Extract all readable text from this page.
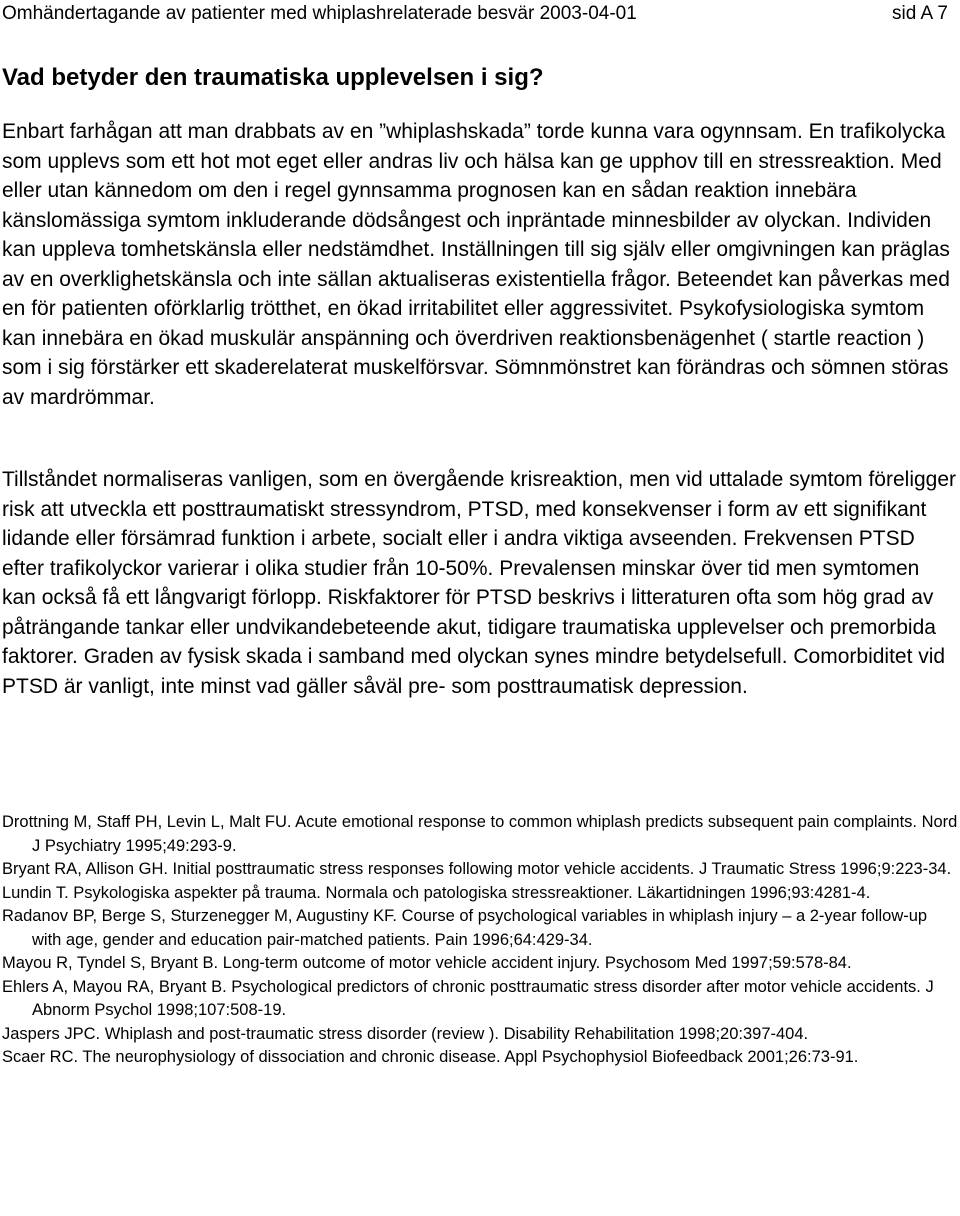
Omhändertagande av patienter med whiplashrelaterade besvär 2003-04-01	sid A 7
Vad betyder den traumatiska upplevelsen i sig?

Enbart farhågan att man drabbats av en ”whiplashskada” torde kunna vara ogynnsam. En trafikolycka som upplevs som ett hot mot eget eller andras liv och hälsa kan ge upphov till en stressreaktion. Med eller utan kännedom om den i regel gynnsamma prognosen kan en sådan reaktion innebära känslomässiga symtom inkluderande dödsångest och inpräntade minnesbilder av olyckan. Individen kan uppleva tomhetskänsla eller nedstämdhet. Inställningen till sig själv eller omgivningen kan präglas av en overklighetskänsla och inte sällan aktualiseras existentiella frågor. Beteendet kan påverkas med en för patienten oförklarlig trötthet, en ökad irritabilitet eller aggressivitet. Psykofysiologiska symtom kan innebära en ökad muskulär anspänning och överdriven reaktionsbenägenhet ( startle reaction ) som i sig förstärker ett skaderelaterat muskelförsvar. Sömnmönstret kan förändras och sömnen störas av mardrömmar.

Tillståndet normaliseras vanligen, som en övergående krisreaktion, men vid uttalade symtom föreligger risk att utveckla ett posttraumatiskt stressyndrom, PTSD, med konsekvenser i form av ett signifikant lidande eller försämrad funktion i arbete, socialt eller i andra viktiga avseenden. Frekvensen PTSD efter trafikolyckor varierar i olika studier från 10-50%. Prevalensen minskar över tid men symtomen kan också få ett långvarigt förlopp. Riskfaktorer för PTSD beskrivs i litteraturen ofta som hög grad av påträngande tankar eller undvikandebeteende akut, tidigare traumatiska upplevelser och premorbida faktorer. Graden av fysisk skada i samband med olyckan synes mindre betydelsefull. Comorbiditet vid PTSD är vanligt, inte minst vad gäller såväl pre- som posttraumatisk depression.

Drottning M, Staff PH, Levin L, Malt FU. Acute emotional response to common whiplash predicts subsequent pain complaints. Nord J Psychiatry 1995;49:293-9.
Bryant RA, Allison GH. Initial posttraumatic stress responses following motor vehicle accidents. J Traumatic Stress 1996;9:223-34.
Lundin T. Psykologiska aspekter på trauma. Normala och patologiska stressreaktioner. Läkartidningen 1996;93:4281-4.
Radanov BP, Berge S, Sturzenegger M, Augustiny KF. Course of psychological variables in whiplash injury – a 2-year follow-up with age, gender and education pair-matched patients. Pain 1996;64:429-34.
Mayou R, Tyndel S, Bryant B. Long-term outcome of motor vehicle accident injury. Psychosom Med 1997;59:578-84.
Ehlers A, Mayou RA, Bryant B. Psychological predictors of chronic posttraumatic stress disorder after motor vehicle accidents. J Abnorm Psychol 1998;107:508-19.
Jaspers JPC. Whiplash and post-traumatic stress disorder (review ). Disability Rehabilitation 1998;20:397-404.
Scaer RC. The neurophysiology of dissociation and chronic disease. Appl Psychophysiol Biofeedback 2001;26:73-91.
